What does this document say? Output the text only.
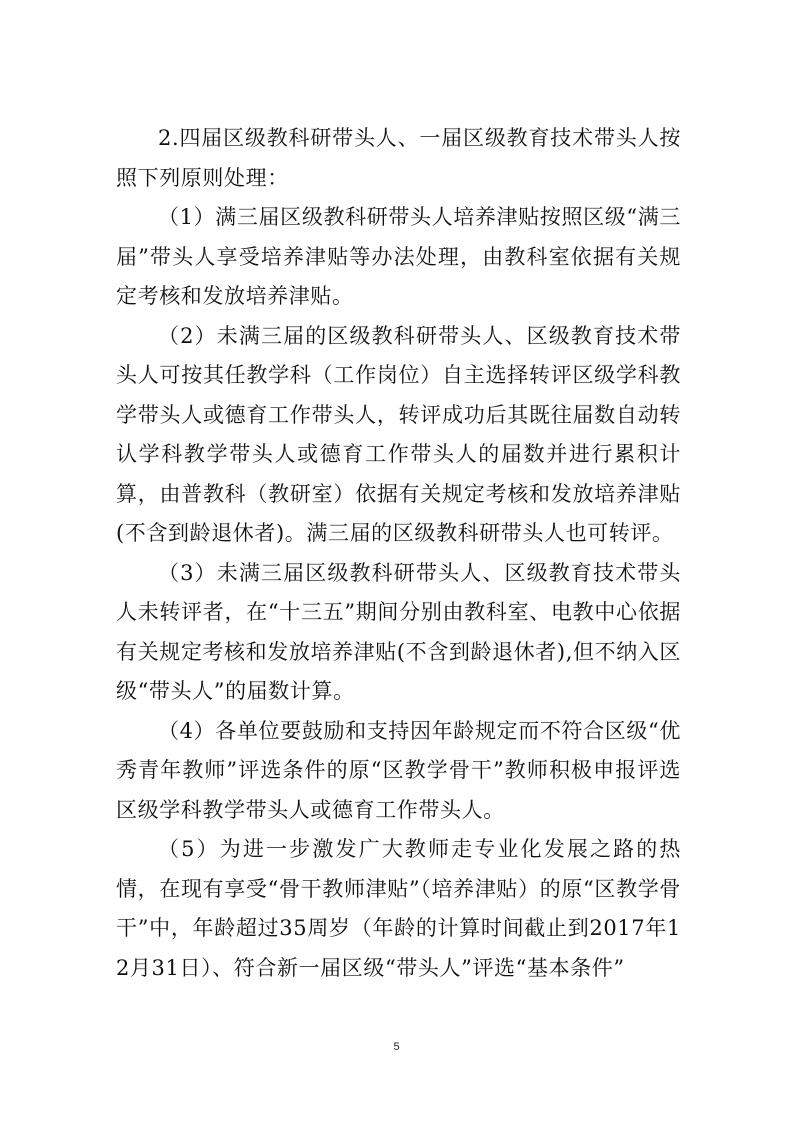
2.四届区级教科研带头人、一届区级教育技术带头人按照下列原则处理：

（1）满三届区级教科研带头人培养津贴按照区级“满三届”带头人享受培养津贴等办法处理，由教科室依据有关规定考核和发放培养津贴。

（2）未满三届的区级教科研带头人、区级教育技术带头人可按其任教学科（工作岗位）自主选择转评区级学科教学带头人或德育工作带头人，转评成功后其既往届数自动转认学科教学带头人或德育工作带头人的届数并进行累积计算，由普教科（教研室）依据有关规定考核和发放培养津贴(不含到龄退休者)。满三届的区级教科研带头人也可转评。

（3）未满三届区级教科研带头人、区级教育技术带头人未转评者，在“十三五”期间分别由教科室、电教中心依据有关规定考核和发放培养津贴(不含到龄退休者),但不纳入区级“带头人”的届数计算。

（4）各单位要鼓励和支持因年龄规定而不符合区级“优秀青年教师”评选条件的原“区教学骨干”教师积极申报评选区级学科教学带头人或德育工作带头人。

（5）为进一步激发广大教师走专业化发展之路的热情，在现有享受“骨干教师津贴”（培养津贴）的原“区教学骨干”中，年龄超过35周岁（年龄的计算时间截止到2017年12月31日）、符合新一届区级“带头人”评选“基本条件”

5
